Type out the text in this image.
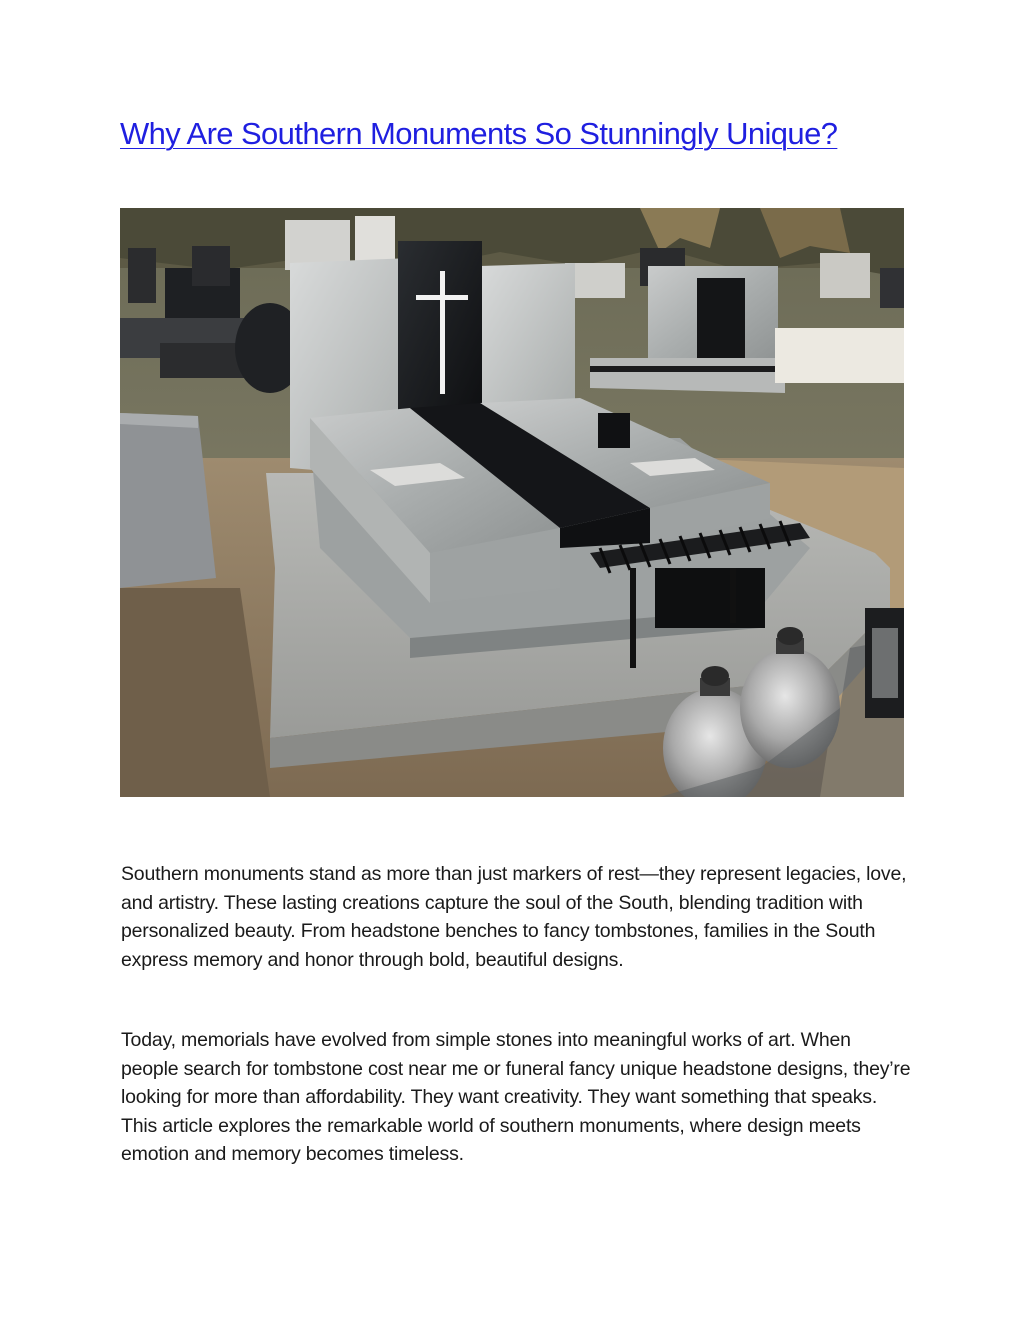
Why Are Southern Monuments So Stunningly Unique?

Southern monuments stand as more than just markers of rest—they represent legacies, love, and artistry. These lasting creations capture the soul of the South, blending tradition with personalized beauty. From headstone benches to fancy tombstones, families in the South express memory and honor through bold, beautiful designs.

Today, memorials have evolved from simple stones into meaningful works of art. When people search for tombstone cost near me or funeral fancy unique headstone designs, they’re looking for more than affordability. They want creativity. They want something that speaks. This article explores the remarkable world of southern monuments, where design meets emotion and memory becomes timeless.
